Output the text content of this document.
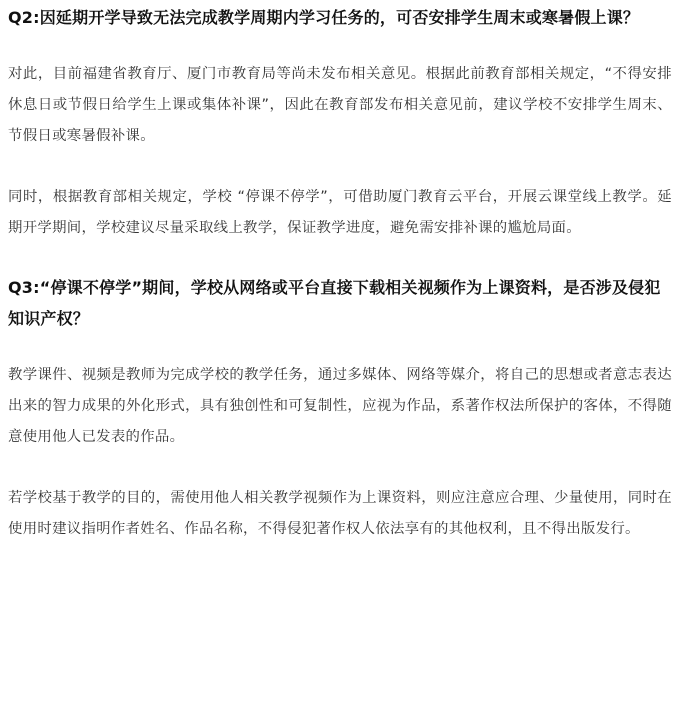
Q2:因延期开学导致无法完成教学周期内学习任务的，可否安排学生周末或寒暑假上课？

对此，目前福建省教育厅、厦门市教育局等尚未发布相关意见。根据此前教育部相关规定，“不得安排休息日或节假日给学生上课或集体补课”，因此在教育部发布相关意见前，建议学校不安排学生周末、节假日或寒暑假补课。

同时，根据教育部相关规定，学校 “停课不停学”，可借助厦门教育云平台，开展云课堂线上教学。延期开学期间，学校建议尽量采取线上教学，保证教学进度，避免需安排补课的尴尬局面。

Q3:“停课不停学”期间，学校从网络或平台直接下载相关视频作为上课资料，是否涉及侵犯知识产权？

教学课件、视频是教师为完成学校的教学任务，通过多媒体、网络等媒介，将自己的思想或者意志表达出来的智力成果的外化形式，具有独创性和可复制性，应视为作品，系著作权法所保护的客体，不得随意使用他人已发表的作品。

若学校基于教学的目的，需使用他人相关教学视频作为上课资料，则应注意应合理、少量使用，同时在使用时建议指明作者姓名、作品名称，不得侵犯著作权人依法享有的其他权利，且不得出版发行。
